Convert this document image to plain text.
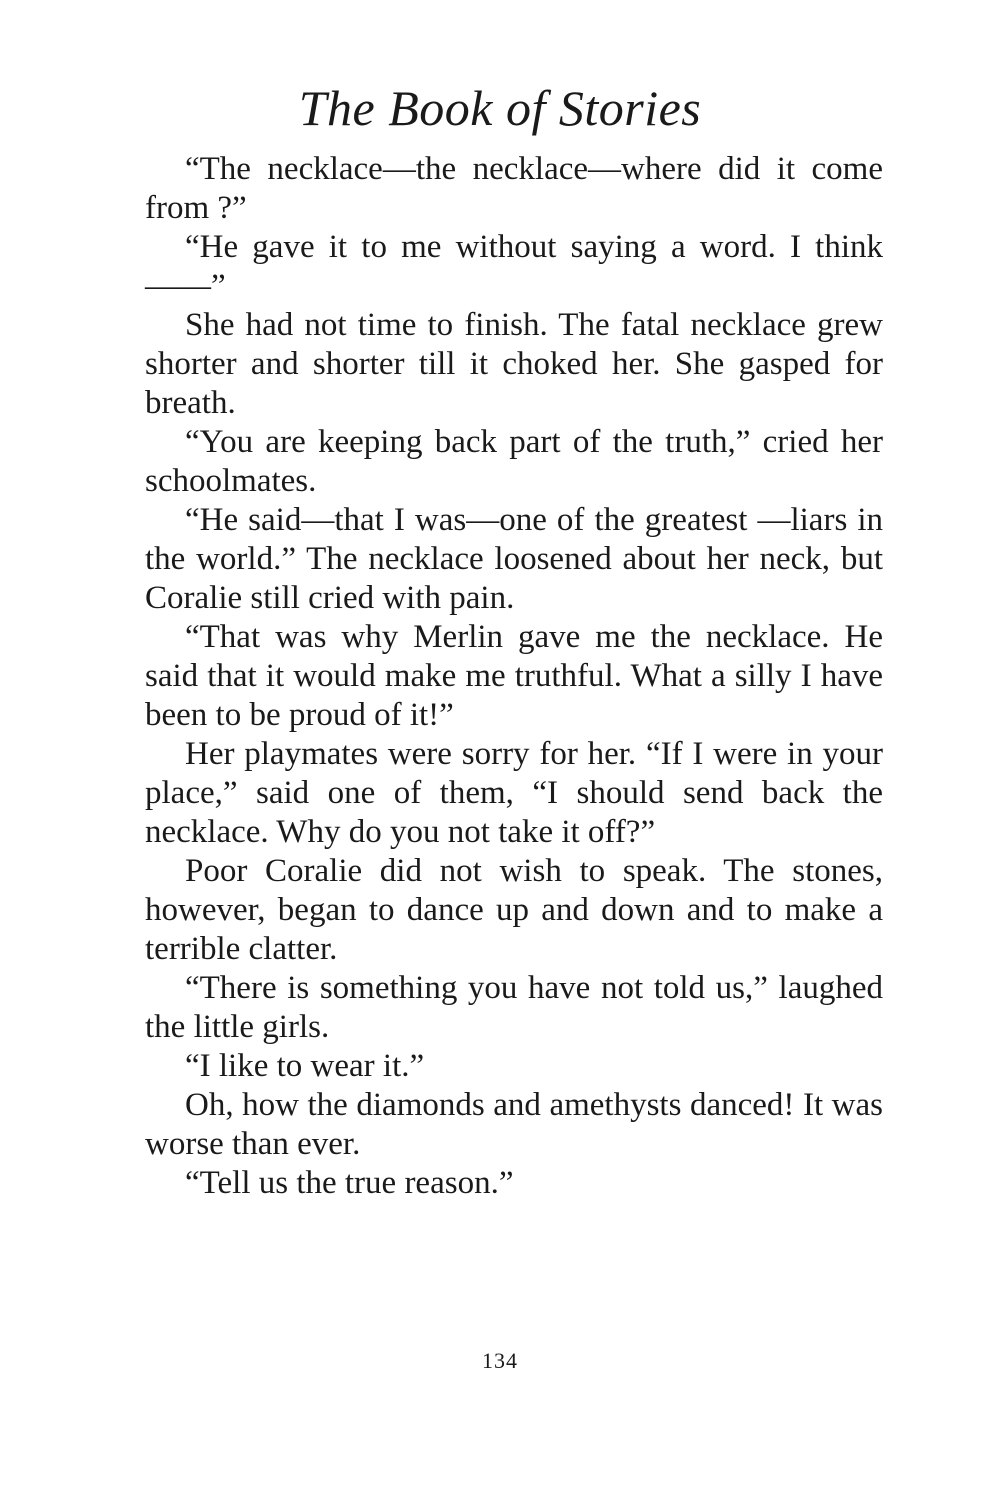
The Book of Stories

“The necklace—the necklace—where did it come from ?”

“He gave it to me without saying a word. I think——”

She had not time to finish. The fatal necklace grew shorter and shorter till it choked her. She gasped for breath.

“You are keeping back part of the truth,” cried her schoolmates.

“He said—that I was—one of the greatest —liars in the world.” The necklace loosened about her neck, but Coralie still cried with pain.

“That was why Merlin gave me the necklace. He said that it would make me truthful. What a silly I have been to be proud of it!”

Her playmates were sorry for her. “If I were in your place,” said one of them, “I should send back the necklace. Why do you not take it off?”

Poor Coralie did not wish to speak. The stones, however, began to dance up and down and to make a terrible clatter.

“There is something you have not told us,” laughed the little girls.

“I like to wear it.”

Oh, how the diamonds and amethysts danced! It was worse than ever.

“Tell us the true reason.”

134
